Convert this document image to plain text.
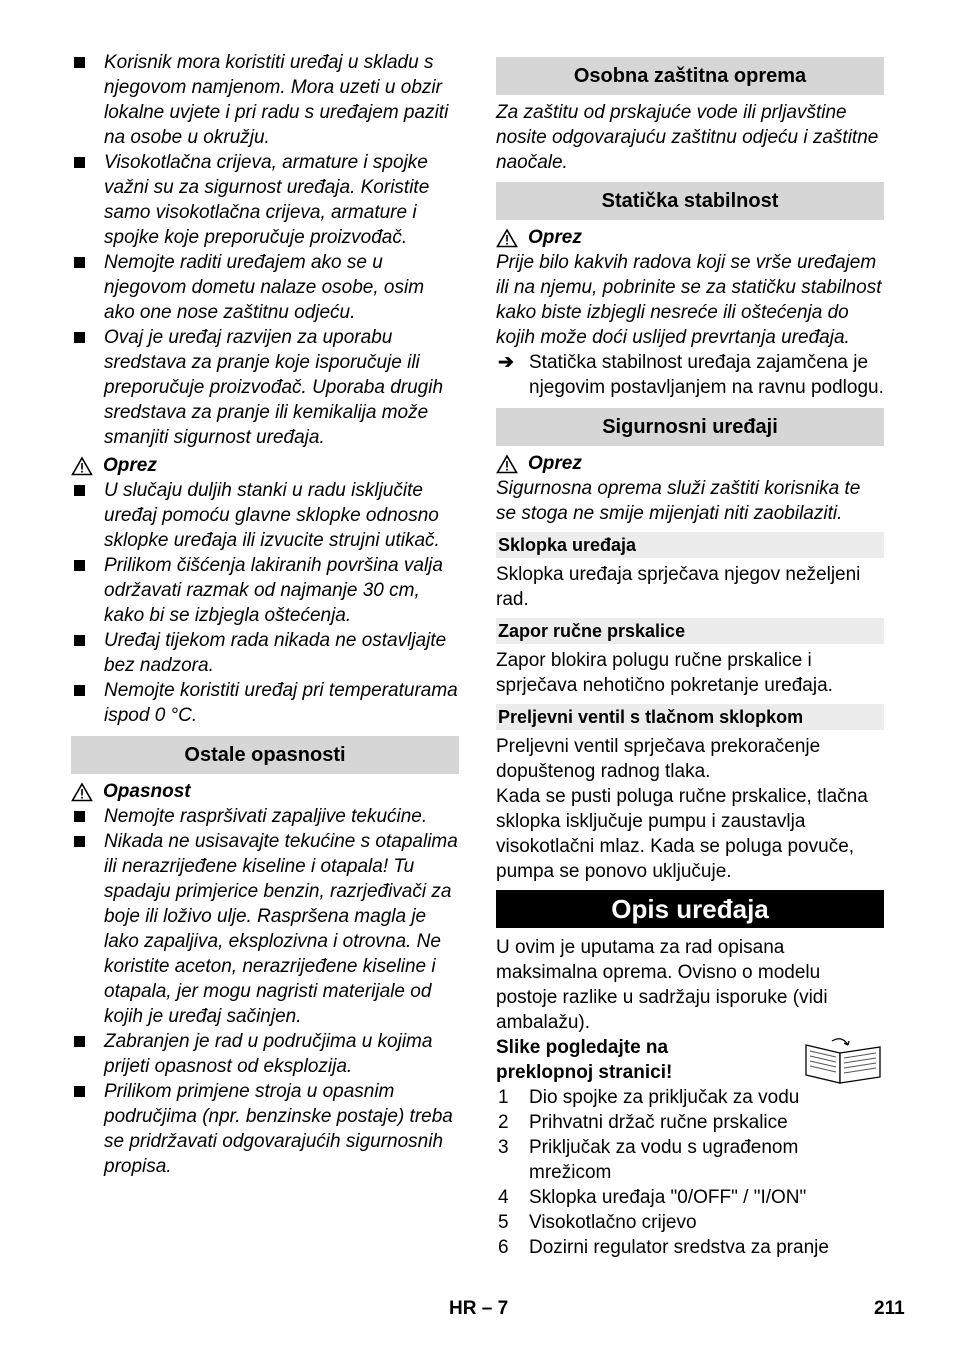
Korisnik mora koristiti uređaj u skladu s njegovom namjenom. Mora uzeti u obzir lokalne uvjete i pri radu s uređajem paziti na osobe u okružju.
Visokotlačna crijeva, armature i spojke važni su za sigurnost uređaja. Koristite samo visokotlačna crijeva, armature i spojke koje preporučuje proizvođač.
Nemojte raditi uređajem ako se u njegovom dometu nalaze osobe, osim ako one nose zaštitnu odjeću.
Ovaj je uređaj razvijen za uporabu sredstava za pranje koje isporučuje ili preporučuje proizvođač. Uporaba drugih sredstava za pranje ili kemikalija može smanjiti sigurnost uređaja.
Oprez
U slučaju duljih stanki u radu isključite uređaj pomoću glavne sklopke odnosno sklopke uređaja ili izvucite strujni utikač.
Prilikom čišćenja lakiranih površina valja održavati razmak od najmanje 30 cm, kako bi se izbjegla oštećenja.
Uređaj tijekom rada nikada ne ostavljajte bez nadzora.
Nemojte koristiti uređaj pri temperaturama ispod 0 °C.
Ostale opasnosti
Opasnost
Nemojte raspršivati zapaljive tekućine.
Nikada ne usisavajte tekućine s otapalima ili nerazrijeđene kiseline i otapala! Tu spadaju primjerice benzin, razrjeđivači za boje ili loživo ulje. Raspršena magla je lako zapaljiva, eksplozivna i otrovna. Ne koristite aceton, nerazrijeđene kiseline i otapala, jer mogu nagristi materijale od kojih je uređaj sačinjen.
Zabranjen je rad u područjima u kojima prijeti opasnost od eksplozija.
Prilikom primjene stroja u opasnim područjima (npr. benzinske postaje) treba se pridržavati odgovarajućih sigurnosnih propisa.
Osobna zaštitna oprema
Za zaštitu od prskajuće vode ili prljavštine nosite odgovarajuću zaštitnu odjeću i zaštitne naočale.
Statička stabilnost
Oprez
Prije bilo kakvih radova koji se vrše uređajem ili na njemu, pobrinite se za statičku stabilnost kako biste izbjegli nesreće ili oštećenja do kojih može doći uslijed prevrtanja uređaja.
➔ Statička stabilnost uređaja zajamčena je njegovim postavljanjem na ravnu podlogu.
Sigurnosni uređaji
Oprez
Sigurnosna oprema služi zaštiti korisnika te se stoga ne smije mijenjati niti zaobilaziti.
Sklopka uređaja
Sklopka uređaja sprječava njegov neželjeni rad.
Zapor ručne prskalice
Zapor blokira polugu ručne prskalice i sprječava nehotično pokretanje uređaja.
Preljevni ventil s tlačnom sklopkom
Preljevni ventil sprječava prekoračenje dopuštenog radnog tlaka.
Kada se pusti poluga ručne prskalice, tlačna sklopka isključuje pumpu i zaustavlja visokotlačni mlaz. Kada se poluga povuče, pumpa se ponovo uključuje.
Opis uređaja
U ovim je uputama za rad opisana maksimalna oprema. Ovisno o modelu postoje razlike u sadržaju isporuke (vidi ambalažu).
Slike pogledajte na preklopnoj stranici!
1 Dio spojke za priključak za vodu
2 Prihvatni držač ručne prskalice
3 Priključak za vodu s ugrađenom mrežicom
4 Sklopka uređaja "0/OFF" / "I/ON"
5 Visokotlačno crijevo
6 Dozirni regulator sredstva za pranje
HR – 7	211
